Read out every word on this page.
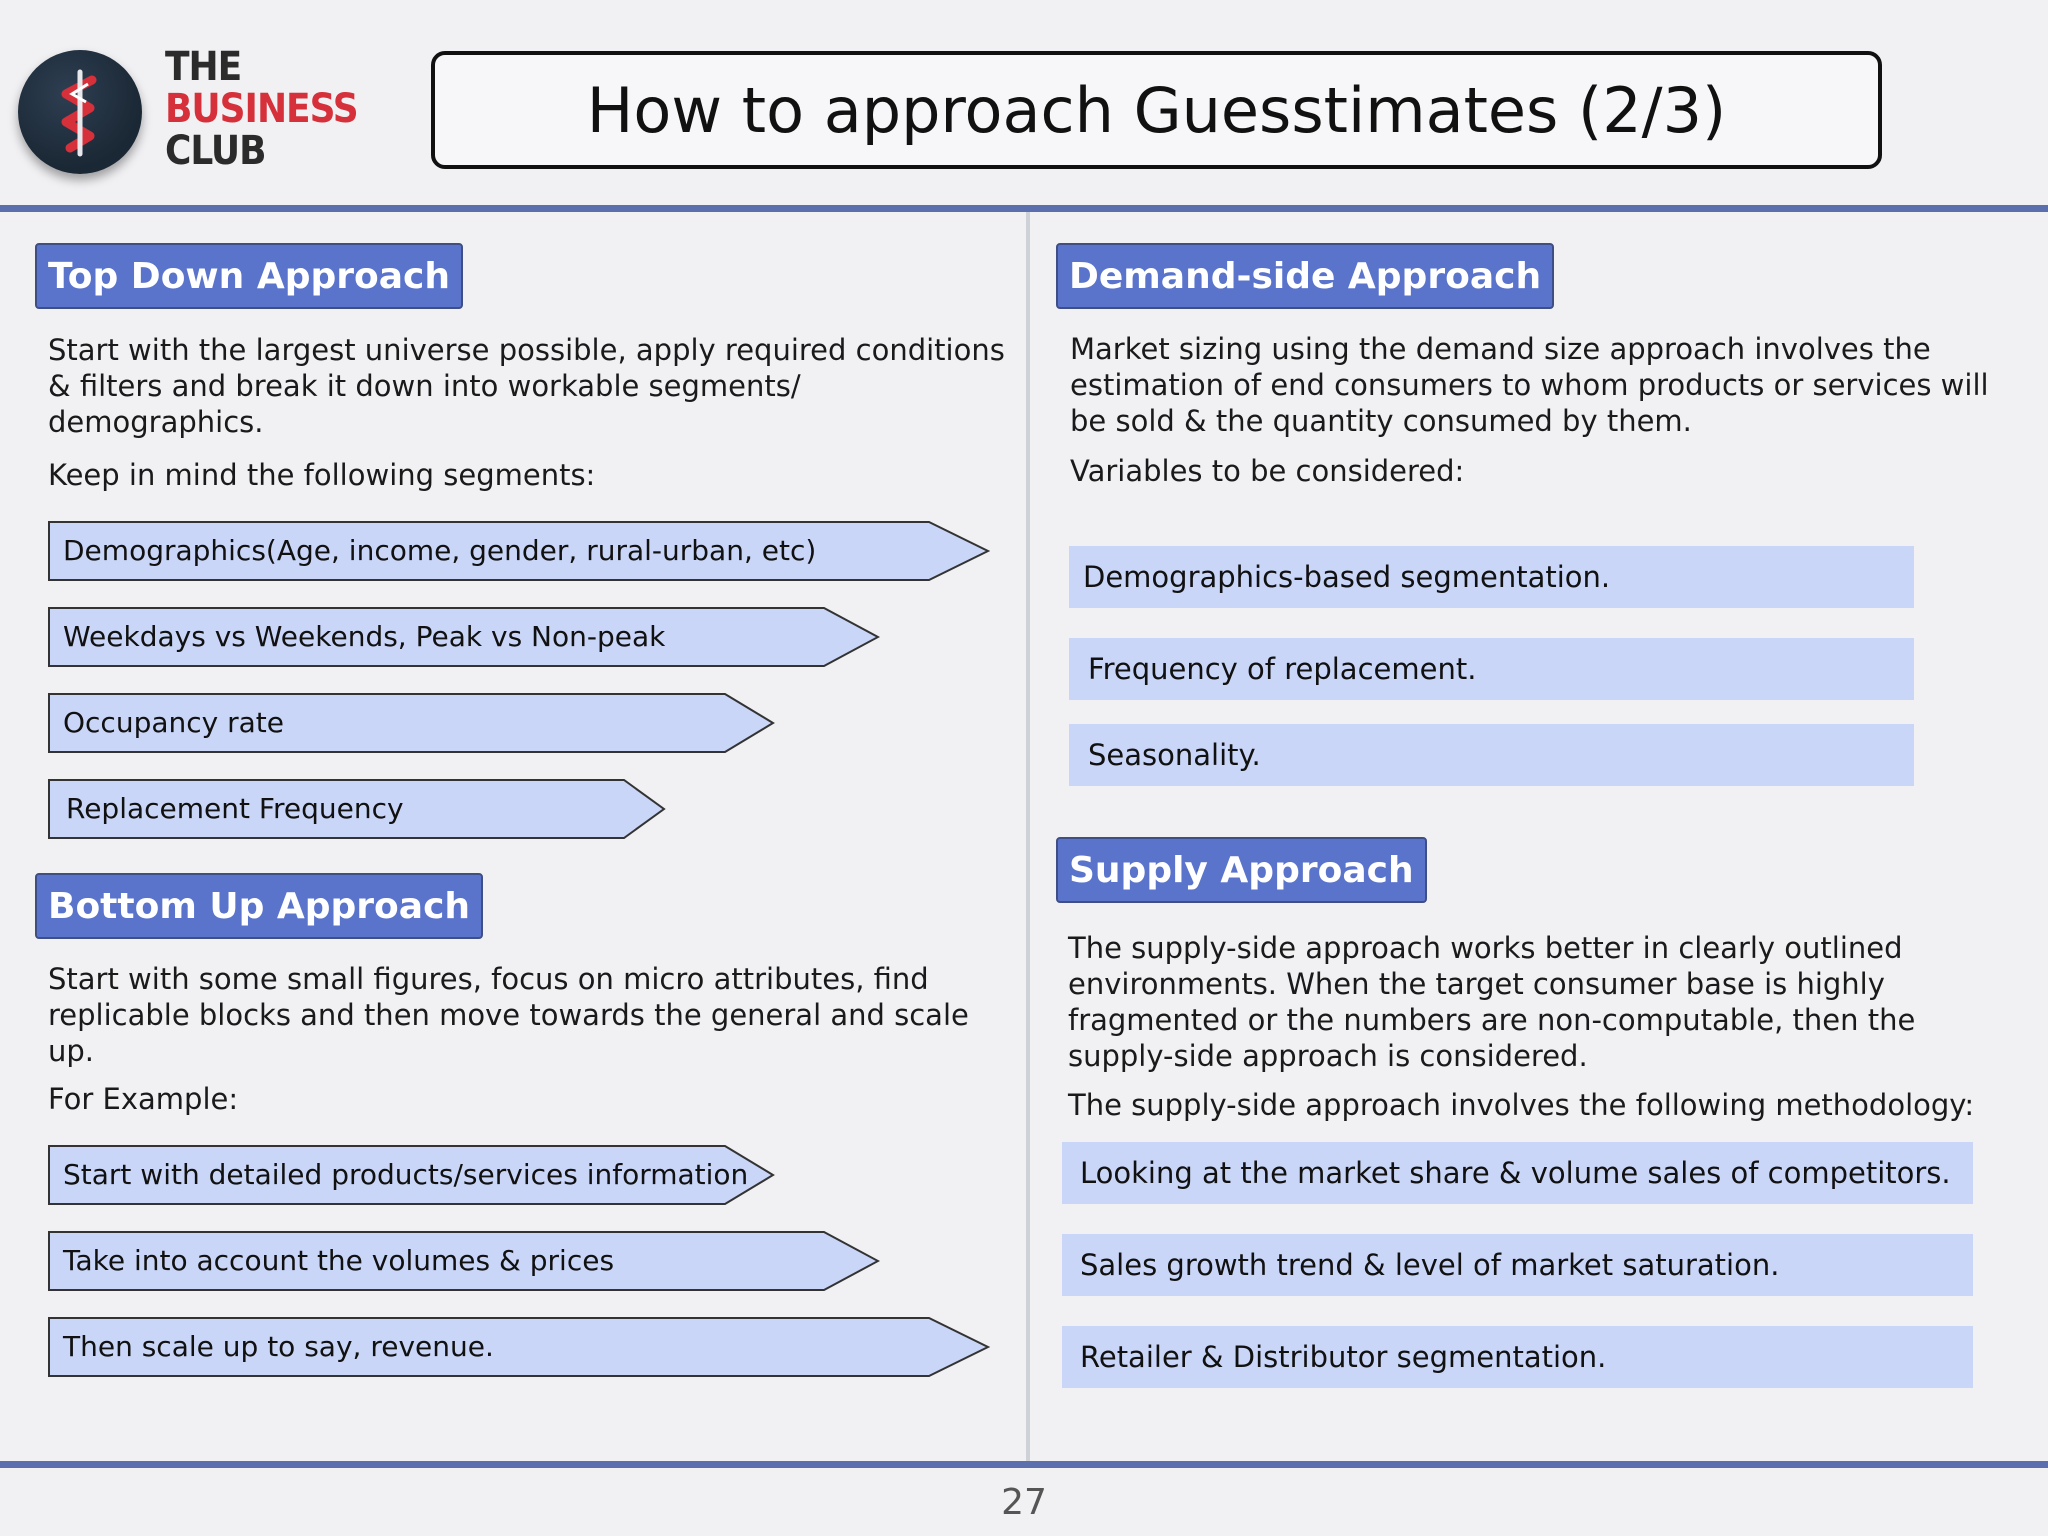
THE
BUSINESS
CLUB
How to approach Guesstimates (2/3)
Top Down Approach
Start with the largest universe possible, apply required conditions & filters and break it down into workable segments/ demographics.
Keep in mind the following segments:
Demographics(Age, income, gender, rural-urban, etc)
Weekdays vs Weekends, Peak vs Non-peak
Occupancy rate
Replacement Frequency
Bottom Up Approach
Start with some small figures, focus on micro attributes, find replicable blocks and then move towards the general and scale up.
For Example:
Start with detailed products/services information
Take into account the volumes & prices
Then scale up to say, revenue.
Demand-side Approach
Market sizing using the demand size approach involves the estimation of end consumers to whom products or services will be sold & the quantity consumed by them.
Variables to be considered:
Demographics-based segmentation.
Frequency of replacement.
Seasonality.
Supply Approach
The supply-side approach works better in clearly outlined environments. When the target consumer base is highly fragmented or the numbers are non-computable, then the supply-side approach is considered.
The supply-side approach involves the following methodology:
Looking at the market share & volume sales of competitors.
Sales growth trend & level of market saturation.
Retailer & Distributor segmentation.
27
